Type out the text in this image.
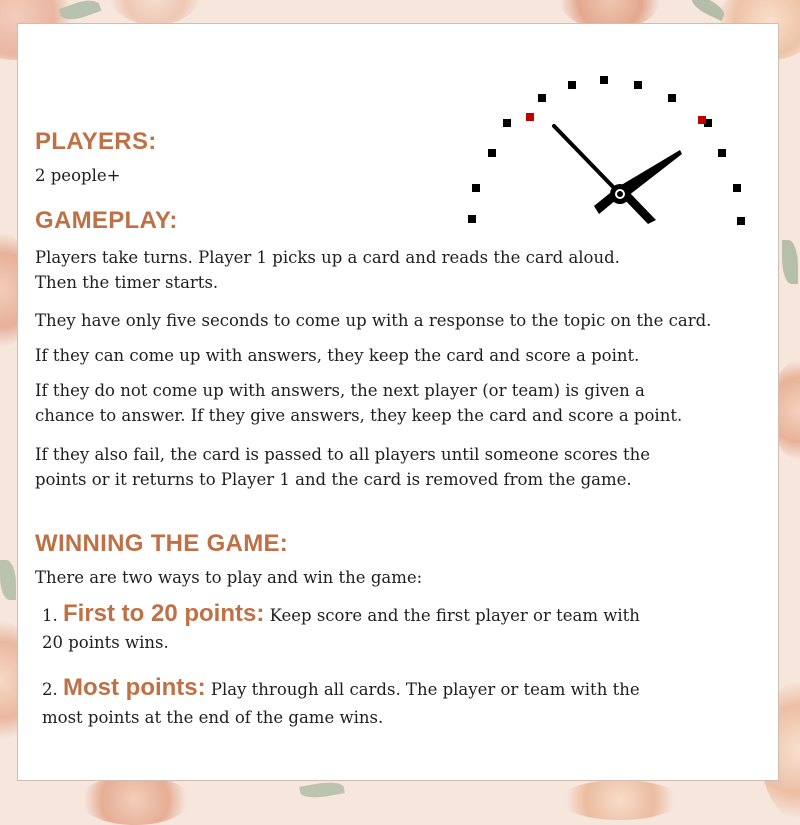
PLAYERS:

2 people+

GAMEPLAY:

Players take turns. Player 1 picks up a card and reads the card aloud.

Then the timer starts.

They have only five seconds to come up with a response to the topic on the card.

If they can come up with answers, they keep the card and score a point.

If they do not come up with answers, the next player (or team) is given a

chance to answer. If they give answers, they keep the card and score a point.

If they also fail, the card is passed to all players until someone scores the

points or it returns to Player 1 and the card is removed from the game.

WINNING THE GAME:

There are two ways to play and win the game:

1. First to 20 points: Keep score and the first player or team with

20 points wins.

2. Most points: Play through all cards. The player or team with the

most points at the end of the game wins.
